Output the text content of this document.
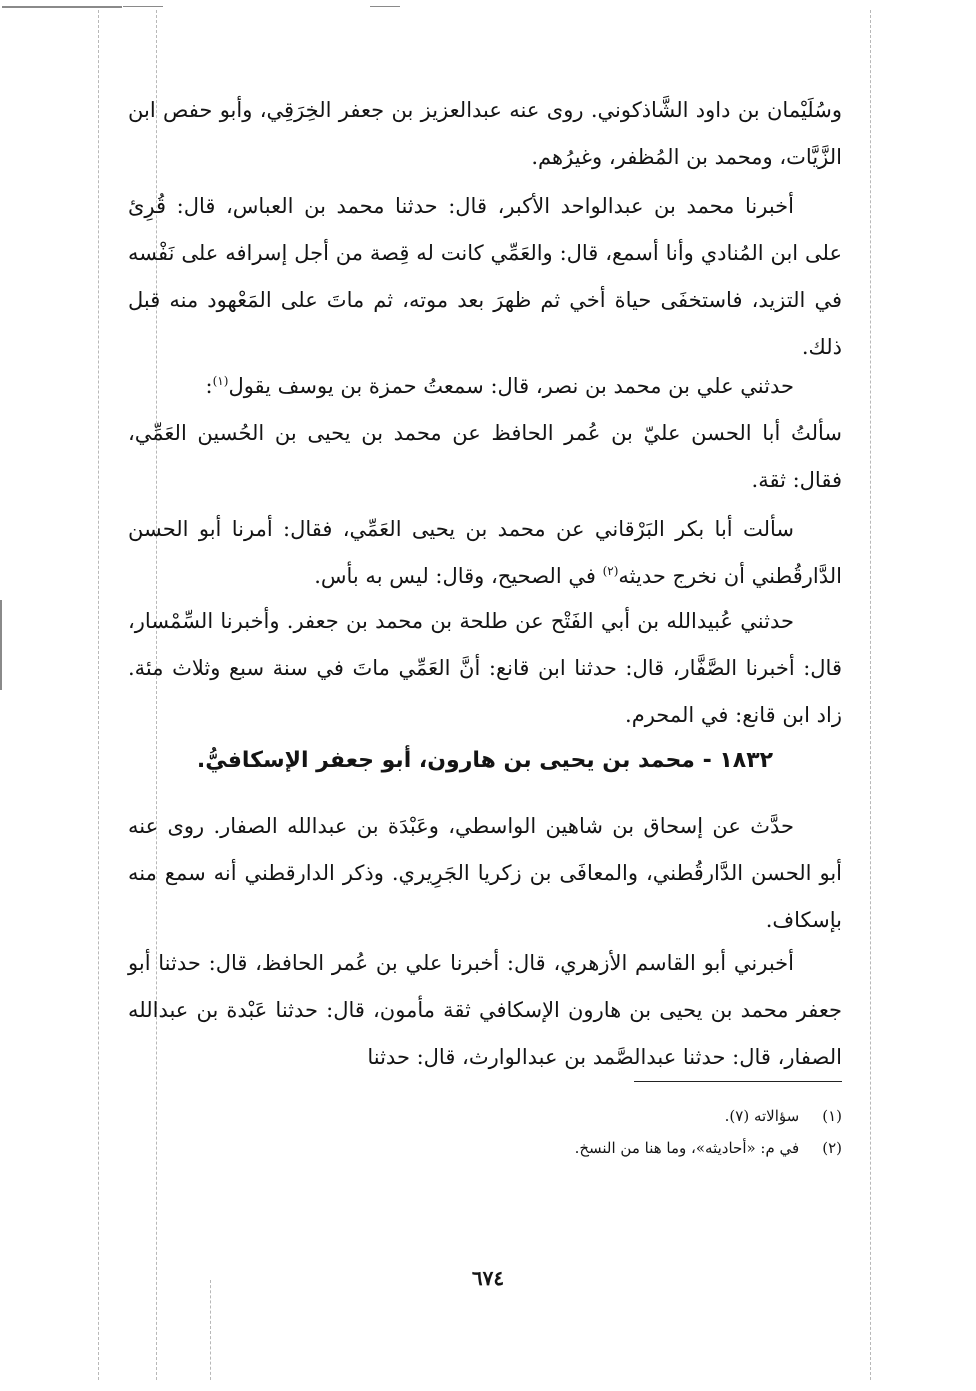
وسُلَيْمان بن داود الشَّاذكوني. روى عنه عبدالعزيز بن جعفر الخِرَقِي، وأبو حفص ابن الزَّيَّات، ومحمد بن المُظفر، وغيرُهم.

أخبرنا محمد بن عبدالواحد الأكبر، قال: حدثنا محمد بن العباس، قال: قُرِئ على ابن المُنادي وأنا أسمع، قال: والعَمِّي كانت له قِصة من أجل إسرافه على نَفْسه في التزيد، فاستخفَى حياة أخي ثم ظهرَ بعد موته، ثم ماتَ على المَعْهود منه قبل ذلك.

حدثني علي بن محمد بن نصر، قال: سمعتُ حمزة بن يوسف يقول$^{(١)}$:

سألتُ أبا الحسن عليّ بن عُمر الحافظ عن محمد بن يحيى بن الحُسين العَمِّي، فقال: ثقة.

سألت أبا بكر البَرْقاني عن محمد بن يحيى العَمِّي، فقال: أمرنا أبو الحسن الدَّارقُطني أن نخرج حديثه$^{(٢)}$ في الصحيح، وقال: ليس به بأس.

حدثني عُبيدالله بن أبي الفَتْح عن طلحة بن محمد بن جعفر. وأخبرنا السِّمْسار، قال: أخبرنا الصَّفَّار، قال: حدثنا ابن قانع: أنَّ العَمِّي ماتَ في سنة سبع وثلاث مئة. زاد ابن قانع: في المحرم.

١٨٣٢ - محمد بن يحيى بن هارون، أبو جعفر الإسكافيُّ.

حدَّث عن إسحاق بن شاهين الواسطي، وعَبْدَة بن عبدالله الصفار. روى عنه أبو الحسن الدَّارقُطني، والمعافَى بن زكريا الجَرِيري. وذكر الدارقطني أنه سمع منه بإسكاف.

أخبرني أبو القاسم الأزهري، قال: أخبرنا علي بن عُمر الحافظ، قال: حدثنا أبو جعفر محمد بن يحيى بن هارون الإسكافي ثقة مأمون، قال: حدثنا عَبْدة بن عبدالله الصفار، قال: حدثنا عبدالصَّمد بن عبدالوارث، قال: حدثنا

(١) سؤالاته (٧).
(٢) في م: «أحاديثه»، وما هنا من النسخ.
٦٧٤
